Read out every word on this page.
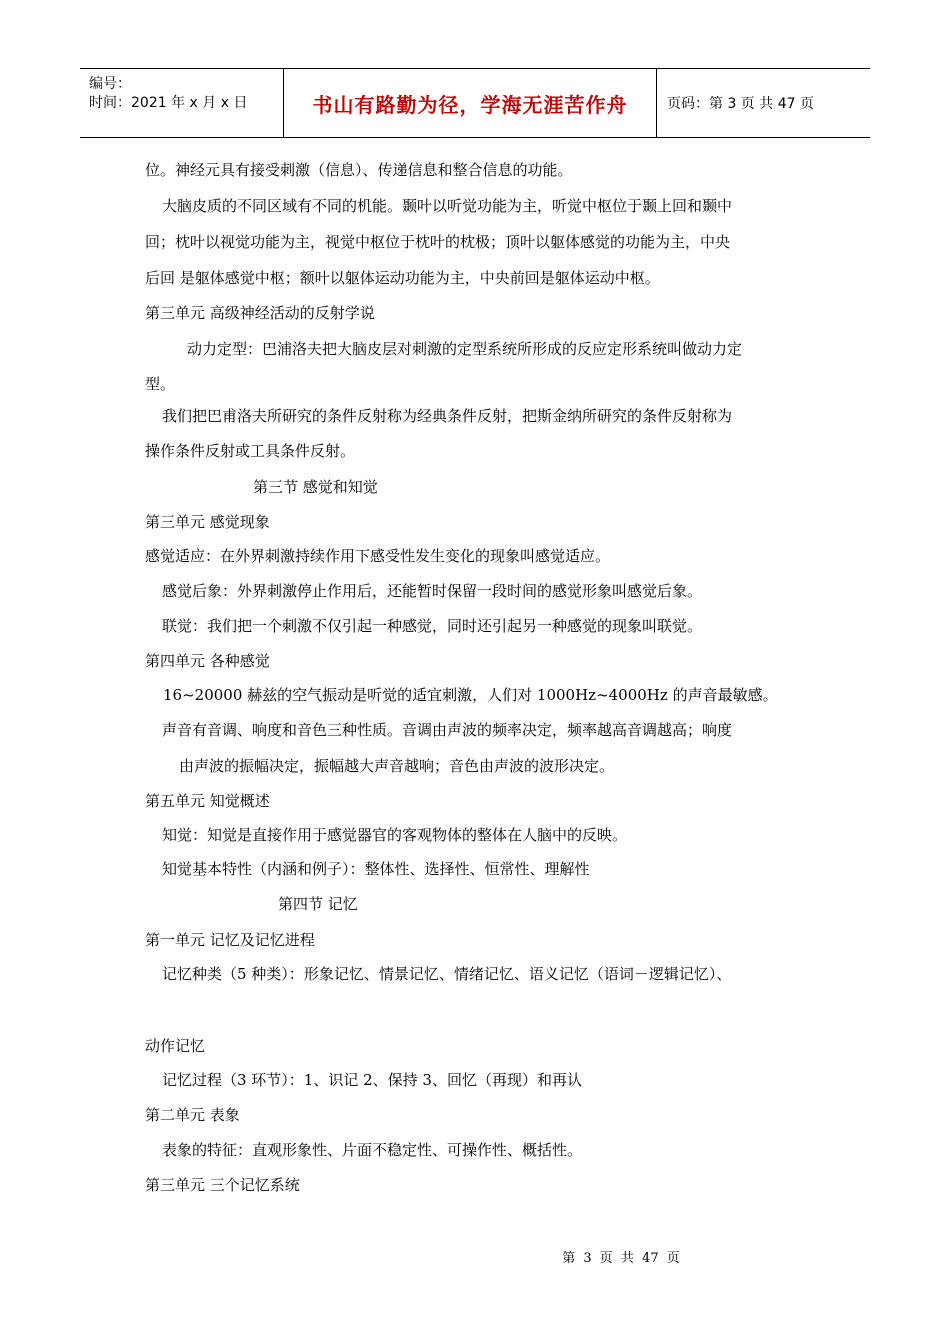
编号：
时间：2021 年 x 月 x 日	书山有路勤为径，学海无涯苦作舟	页码：第 3 页 共 47 页
位。神经元具有接受刺激（信息）、传递信息和整合信息的功能。
大脑皮质的不同区域有不同的机能。颞叶以听觉功能为主，听觉中枢位于颞上回和颞中
回；枕叶以视觉功能为主，视觉中枢位于枕叶的枕极；顶叶以躯体感觉的功能为主，中央
后回 是躯体感觉中枢；额叶以躯体运动功能为主，中央前回是躯体运动中枢。
第三单元 高级神经活动的反射学说
动力定型：巴浦洛夫把大脑皮层对刺激的定型系统所形成的反应定形系统叫做动力定
型。
我们把巴甫洛夫所研究的条件反射称为经典条件反射，把斯金纳所研究的条件反射称为
操作条件反射或工具条件反射。
第三节 感觉和知觉
第三单元 感觉现象
感觉适应：在外界刺激持续作用下感受性发生变化的现象叫感觉适应。
感觉后象：外界刺激停止作用后，还能暂时保留一段时间的感觉形象叫感觉后象。
联觉：我们把一个刺激不仅引起一种感觉，同时还引起另一种感觉的现象叫联觉。
第四单元 各种感觉
16~20000 赫兹的空气振动是听觉的适宜刺激，人们对 1000Hz~4000Hz 的声音最敏感。
声音有音调、响度和音色三种性质。音调由声波的频率决定，频率越高音调越高；响度
由声波的振幅决定，振幅越大声音越响；音色由声波的波形决定。
第五单元 知觉概述
知觉：知觉是直接作用于感觉器官的客观物体的整体在人脑中的反映。
知觉基本特性（内涵和例子）：整体性、选择性、恒常性、理解性
第四节 记忆
第一单元 记忆及记忆进程
记忆种类（5 种类）：形象记忆、情景记忆、情绪记忆、语义记忆（语词－逻辑记忆）、
动作记忆
记忆过程（3 环节）：1、识记 2、保持 3、回忆（再现）和再认
第二单元 表象
表象的特征：直观形象性、片面不稳定性、可操作性、概括性。
第三单元 三个记忆系统
第 3 页 共 47 页
